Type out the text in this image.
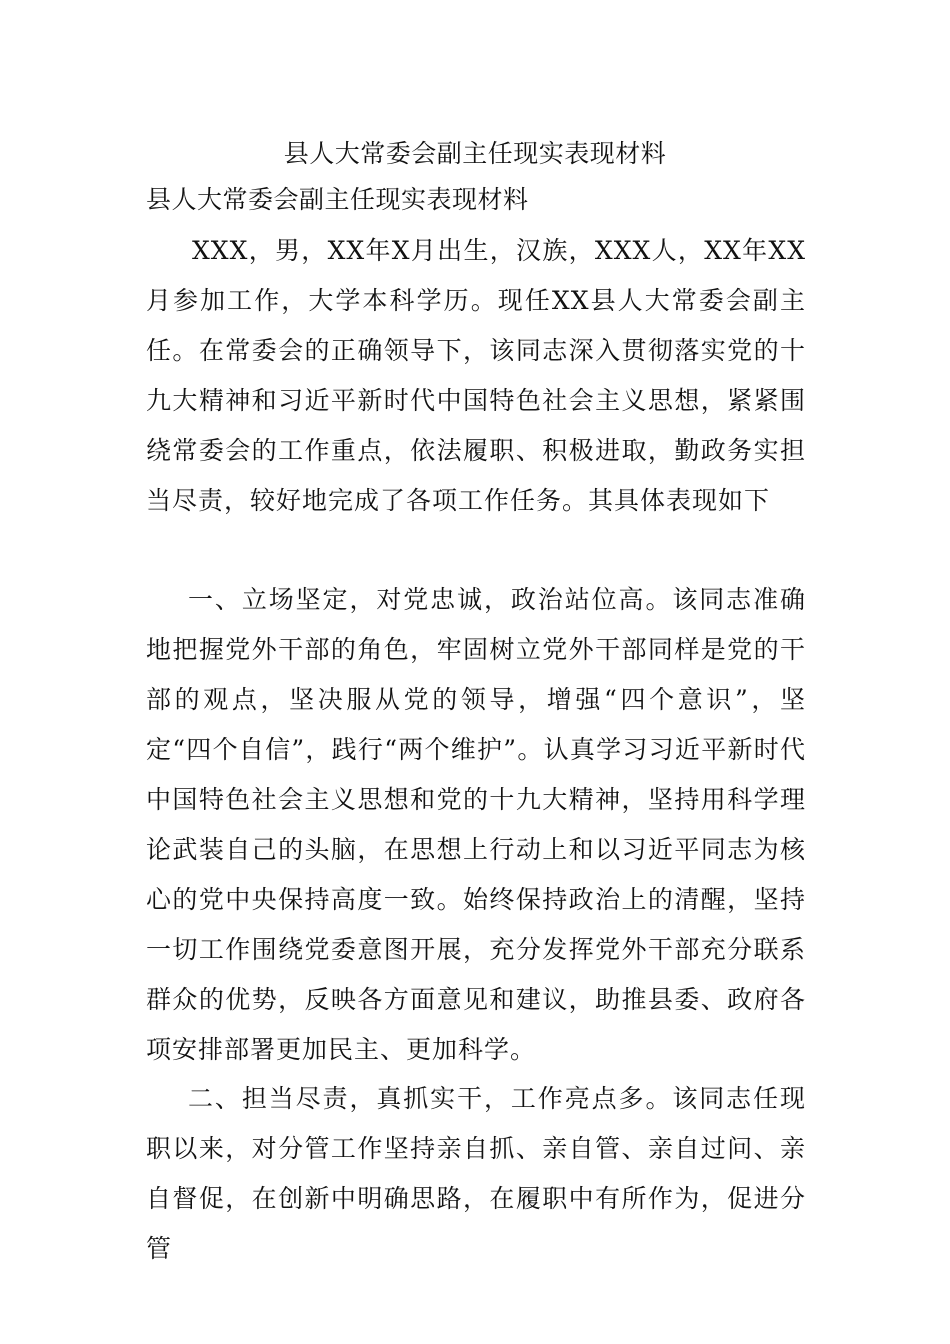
县人大常委会副主任现实表现材料
县人大常委会副主任现实表现材料

XXX，男，XX年X月出生，汉族，XXX人，XX年XX月参加工作，大学本科学历。现任XX县人大常委会副主任。在常委会的正确领导下，该同志深入贯彻落实党的十九大精神和习近平新时代中国特色社会主义思想，紧紧围绕常委会的工作重点，依法履职、积极进取，勤政务实担当尽责，较好地完成了各项工作任务。其具体表现如下

一、立场坚定，对党忠诚，政治站位高。该同志准确地把握党外干部的角色，牢固树立党外干部同样是党的干部的观点，坚决服从党的领导，增强“四个意识”，坚定“四个自信”，践行“两个维护”。认真学习习近平新时代中国特色社会主义思想和党的十九大精神，坚持用科学理论武装自己的头脑，在思想上行动上和以习近平同志为核心的党中央保持高度一致。始终保持政治上的清醒，坚持一切工作围绕党委意图开展，充分发挥党外干部充分联系群众的优势，反映各方面意见和建议，助推县委、政府各项安排部署更加民主、更加科学。

二、担当尽责，真抓实干，工作亮点多。该同志任现职以来，对分管工作坚持亲自抓、亲自管、亲自过问、亲自督促，在创新中明确思路，在履职中有所作为，促进分管
